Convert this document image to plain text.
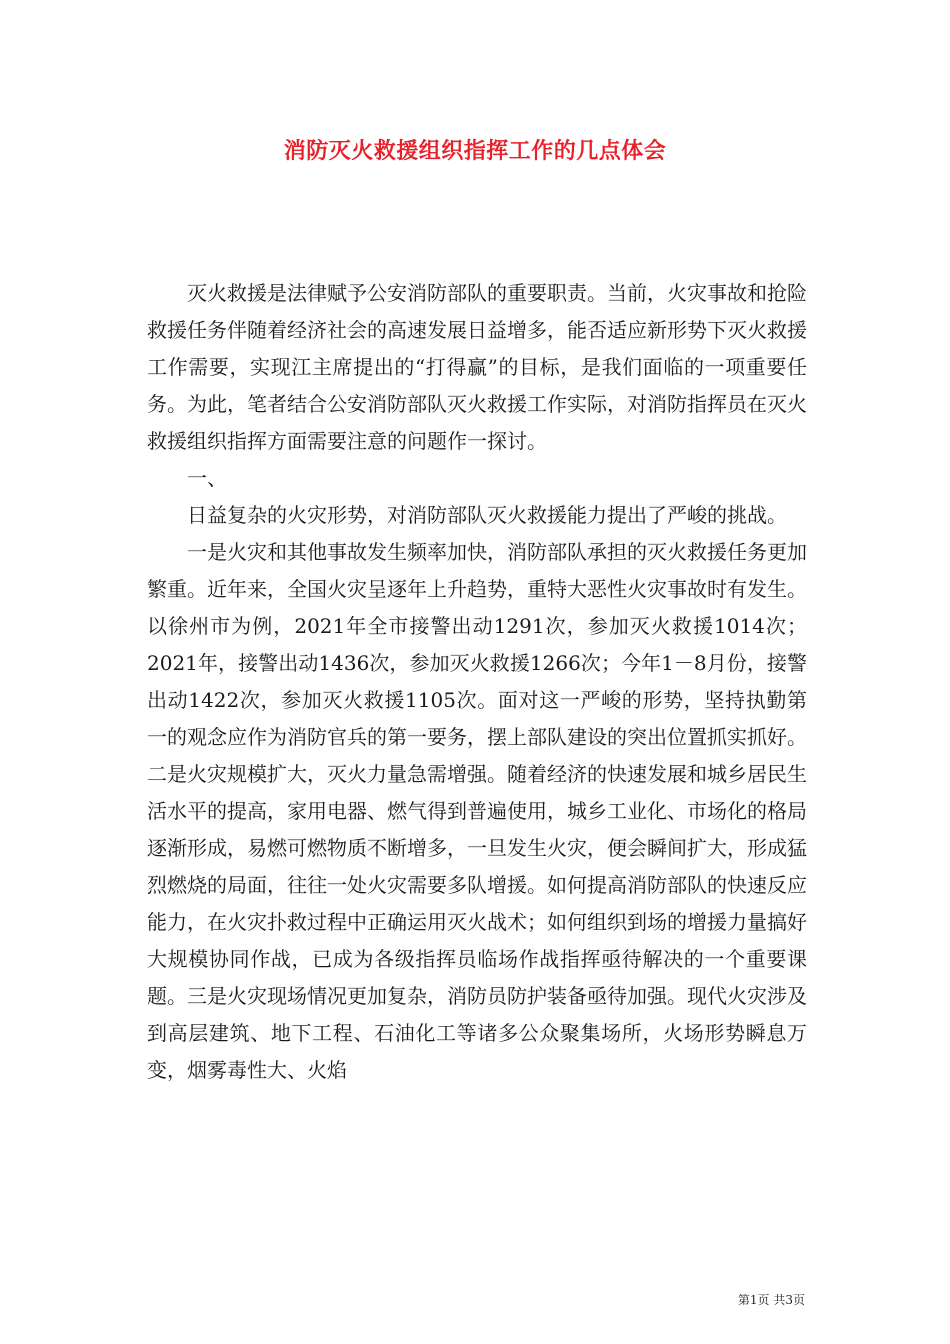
消防灭火救援组织指挥工作的几点体会

灭火救援是法律赋予公安消防部队的重要职责。当前，火灾事故和抢险救援任务伴随着经济社会的高速发展日益增多，能否适应新形势下灭火救援工作需要，实现江主席提出的“打得赢”的目标，是我们面临的一项重要任务。为此，笔者结合公安消防部队灭火救援工作实际，对消防指挥员在灭火救援组织指挥方面需要注意的问题作一探讨。

一、

日益复杂的火灾形势，对消防部队灭火救援能力提出了严峻的挑战。

一是火灾和其他事故发生频率加快，消防部队承担的灭火救援任务更加繁重。近年来，全国火灾呈逐年上升趋势，重特大恶性火灾事故时有发生。以徐州市为例，2021年全市接警出动1291次，参加灭火救援1014次；2021年，接警出动1436次，参加灭火救援1266次；今年1－8月份，接警出动1422次，参加灭火救援1105次。面对这一严峻的形势，坚持执勤第一的观念应作为消防官兵的第一要务，摆上部队建设的突出位置抓实抓好。二是火灾规模扩大，灭火力量急需增强。随着经济的快速发展和城乡居民生活水平的提高，家用电器、燃气得到普遍使用，城乡工业化、市场化的格局逐渐形成，易燃可燃物质不断增多，一旦发生火灾，便会瞬间扩大，形成猛烈燃烧的局面，往往一处火灾需要多队增援。如何提高消防部队的快速反应能力，在火灾扑救过程中正确运用灭火战术；如何组织到场的增援力量搞好大规模协同作战，已成为各级指挥员临场作战指挥亟待解决的一个重要课题。三是火灾现场情况更加复杂，消防员防护装备亟待加强。现代火灾涉及到高层建筑、地下工程、石油化工等诸多公众聚集场所，火场形势瞬息万变，烟雾毒性大、火焰

第1页 共3页
